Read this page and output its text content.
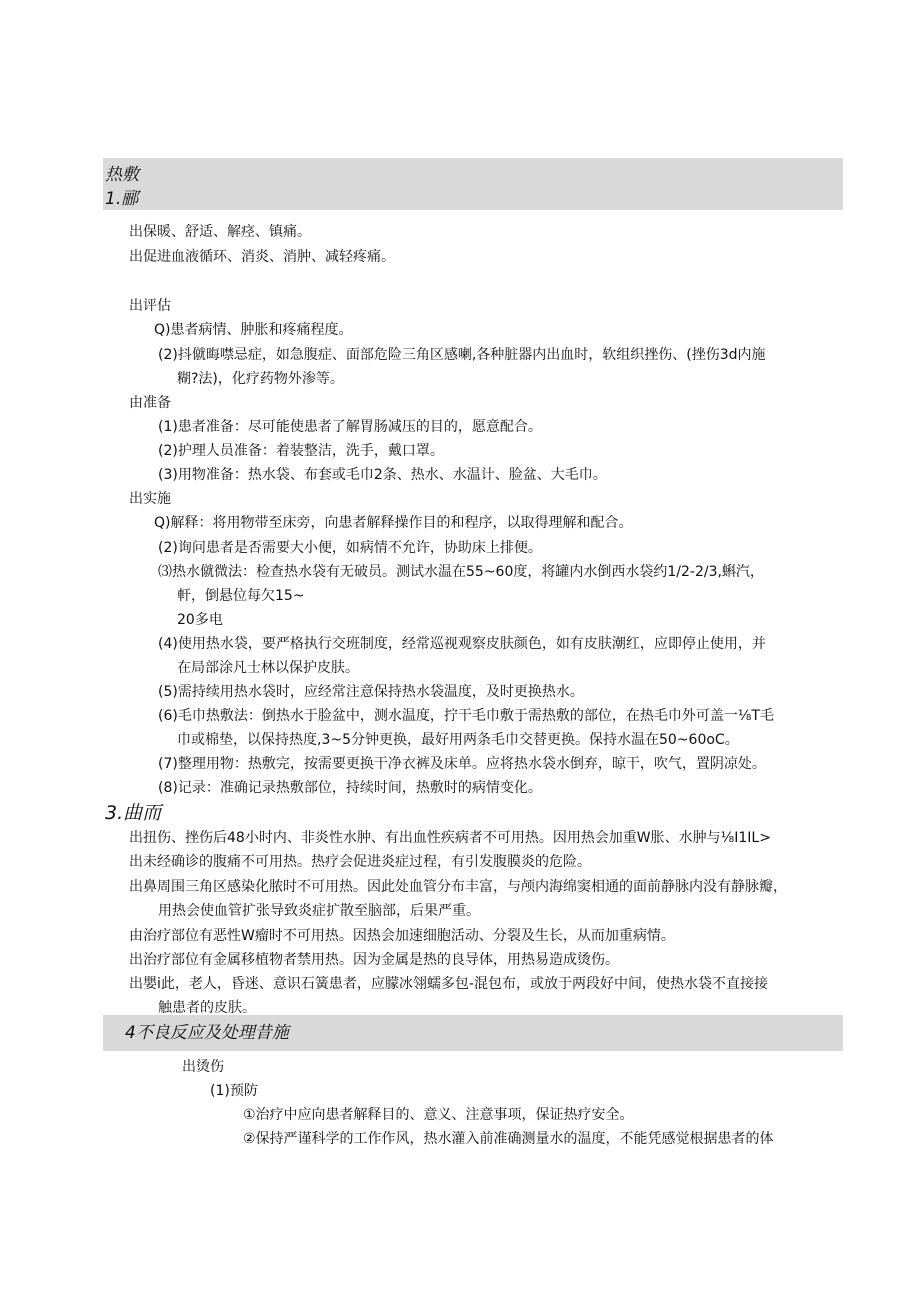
热敷
1.郦
出保暖、舒适、解痉、镇痛。
出促进血液循环、消炎、消肿、减轻疼痛。
出评估
Q)患者病情、肿胀和疼痛程度。
(2)抖僦晦噤忌症，如急腹症、面部危险三角区感喇,各种脏器内出血时，软组织挫伤、(挫伤3d内施
糊?法)，化疗药物外渗等。
由准备
(1)患者准备：尽可能使患者了解胃肠减压的目的，愿意配合。
(2)护理人员准备：着装整洁，洗手，戴口罩。
(3)用物准备：热水袋、布套或毛巾2条、热水、水温计、脸盆、大毛巾。
出实施
Q)解释：将用物带至床旁，向患者解释操作目的和程序，以取得理解和配合。
(2)询问患者是否需要大小便，如病情不允许，协助床上排便。
⑶热水僦微法：检查热水袋有无破员。测试水温在55~60度，将罐内水倒西水袋约1/2-2/3,蝌汽，
軒，倒悬位每欠15~
20多电
(4)使用热水袋，要严格执行交班制度，经常巡视观察皮肤颜色，如有皮肤潮红，应即停止使用，并
在局部涂凡士林以保护皮肤。
(5)需持续用热水袋时，应经常注意保持热水袋温度，及时更换热水。
(6)毛巾热敷法：倒热水于脸盆中，测水温度，拧干毛巾敷于需热敷的部位，在热毛巾外可盖一⅛T毛
巾或棉垫，以保持热度,3~5分钟更换，最好用两条毛巾交替更换。保持水温在50~60oC。
(7)整理用物：热敷完，按需要更换干净衣裤及床单。应将热水袋水倒弃，晾干，吹气，置阴凉处。
(8)记录：准确记录热敷部位，持续时间，热敷时的病情变化。
3.曲而
出扭伤、挫伤后48小时内、非炎性水肿、有出血性疾病者不可用热。因用热会加重W胀、水肿与⅛I1IL>
出未经确诊的腹痛不可用热。热疗会促进炎症过程，有引发腹膜炎的危险。
出鼻周围三角区感染化脓时不可用热。因此处血管分布丰富，与颅内海绵窦相通的面前静脉内没有静脉瓣，
用热会使血管扩张导致炎症扩散至脑部，后果严重。
由治疗部位有恶性W瘤时不可用热。因热会加速细胞活动、分裂及生长，从而加重病情。
出治疗部位有金属移植物者禁用热。因为金属是热的良导体，用热易造成烫伤。
出嬰i此，老人，昏迷、意识石簧患者，应朦冰翎蠕多包-混包布，或放于两段好中间，使热水袋不直接接
触患者的皮肤。
4不良反应及处理昔施
出烫伤
(1)预防
①治疗中应向患者解释目的、意义、注意事项，保证热疗安全。
②保持严谨科学的工作作风，热水灌入前准确测量水的温度，不能凭感觉根据患者的体
